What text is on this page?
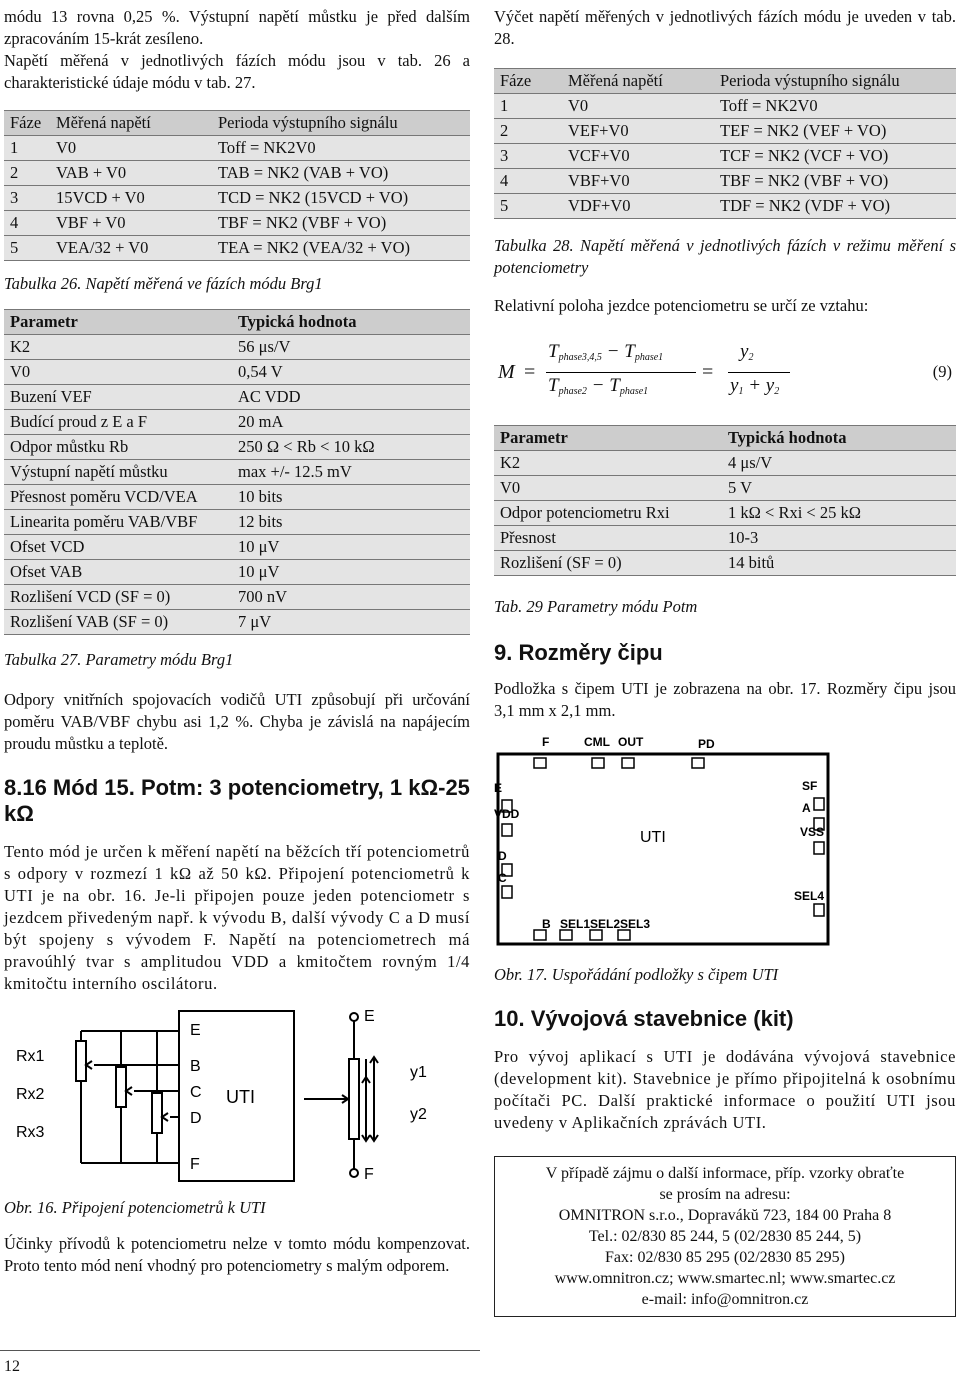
módu 13 rovna 0,25 %. Výstupní napětí můstku je před dalším zpracováním 15-krát zesíleno.

Napětí měřená v jednotlivých fázích módu jsou v tab. 26 a charakteristické údaje módu v tab. 27.

Fáze	Měřená napětí	Perioda výstupního signálu
1	V0	Toff = NK2V0
2	VAB + V0	TAB = NK2 (VAB + VO)
3	15VCD + V0	TCD = NK2 (15VCD + VO)
4	VBF + V0	TBF = NK2 (VBF + VO)
5	VEA/32 + V0	TEA = NK2 (VEA/32 + VO)

Tabulka 26. Napětí měřená ve fázích módu Brg1

Parametr	Typická hodnota
K2	56 μs/V
V0	0,54 V
Buzení VEF	AC VDD
Budící proud z E a F	20 mA
Odpor můstku Rb	250 Ω < Rb < 10 kΩ
Výstupní napětí můstku	max +/- 12.5 mV
Přesnost poměru VCD/VEA	10 bits
Linearita poměru VAB/VBF	12 bits
Ofset VCD	10 μV
Ofset VAB	10 μV
Rozlišení VCD (SF = 0)	700 nV
Rozlišení VAB (SF = 0)	7 μV

Tabulka 27. Parametry módu Brg1

Odpory vnitřních spojovacích vodičů UTI způsobují při určování poměru VAB/VBF chybu asi 1,2 %. Chyba je závislá na napájecím proudu můstku a teplotě.

8.16 Mód 15. Potm: 3 potenciometry, 1 kΩ-25 kΩ

Tento mód je určen k měření napětí na běžcích tří potenciometrů s odpory v rozmezí 1 kΩ až 50 kΩ. Připojení potenciometrů k UTI je na obr. 16. Je-li připojen pouze jeden potenciometr s jezdcem přivedeným např. k vývodu B, další vývody C a D musí být spojeny s vývodem F. Napětí na potenciometrech má pravoúhlý tvar s amplitudou VDD a kmitočtem rovným 1/4 kmitočtu interního oscilátoru.

Rx1
Rx2
Rx3
E
B
C
D
F
UTI
E
F
y1
y2

Obr. 16. Připojení potenciometrů k UTI

Účinky přívodů k potenciometru nelze v tomto módu kompenzovat. Proto tento mód není vhodný pro potenciometry s malým odporem.

12

Výčet napětí měřených v jednotlivých fázích módu je uveden v tab. 28.

Fáze	Měřená napětí	Perioda výstupního signálu
1	V0	Toff = NK2V0
2	VEF+V0	TEF = NK2 (VEF + VO)
3	VCF+V0	TCF = NK2 (VCF + VO)
4	VBF+V0	TBF = NK2 (VBF + VO)
5	VDF+V0	TDF = NK2 (VDF + VO)

Tabulka 28. Napětí měřená v jednotlivých fázích v režimu měření s potenciometry

Relativní poloha jezdce potenciometru se určí ze vztahu:

M =
$T_{phase3,4,5} - T_{phase1}$
$T_{phase2} - T_{phase1}$
=
$y_2$
$y_1 + y_2$
(9)
Parametr	Typická hodnota
K2	4 μs/V
V0	5 V
Odpor potenciometru Rxi	1 kΩ < Rxi < 25 kΩ
Přesnost	10-3
Rozlišení (SF = 0)	14 bitů

Tab. 29 Parametry módu Potm

9. Rozměry čipu

Podložka s čipem UTI je zobrazena na obr. 17. Rozměry čipu jsou 3,1 mm x 2,1 mm.

F	CML OUT	PD
E
VDD
D
C
SF
A
VSS
SEL4
B SEL1 SEL2 SEL3
UTI

Obr. 17. Uspořádání podložky s čipem UTI

10. Vývojová stavebnice (kit)

Pro vývoj aplikací s UTI je dodávána vývojová stavebnice (development kit). Stavebnice je přímo připojitelná k osobnímu počítači PC. Další praktické informace o použití UTI jsou uvedeny v Aplikačních zprávách UTI.

V případě zájmu o další informace, příp. vzorky obraťte
se prosím na adresu:
OMNITRON s.r.o., Dopravákŭ 723, 184 00 Praha 8
Tel.: 02/830 85 244, 5 (02/2830 85 244, 5)
Fax: 02/830 85 295 (02/2830 85 295)
www.omnitron.cz; www.smartec.nl; www.smartec.cz
e-mail: info@omnitron.cz
